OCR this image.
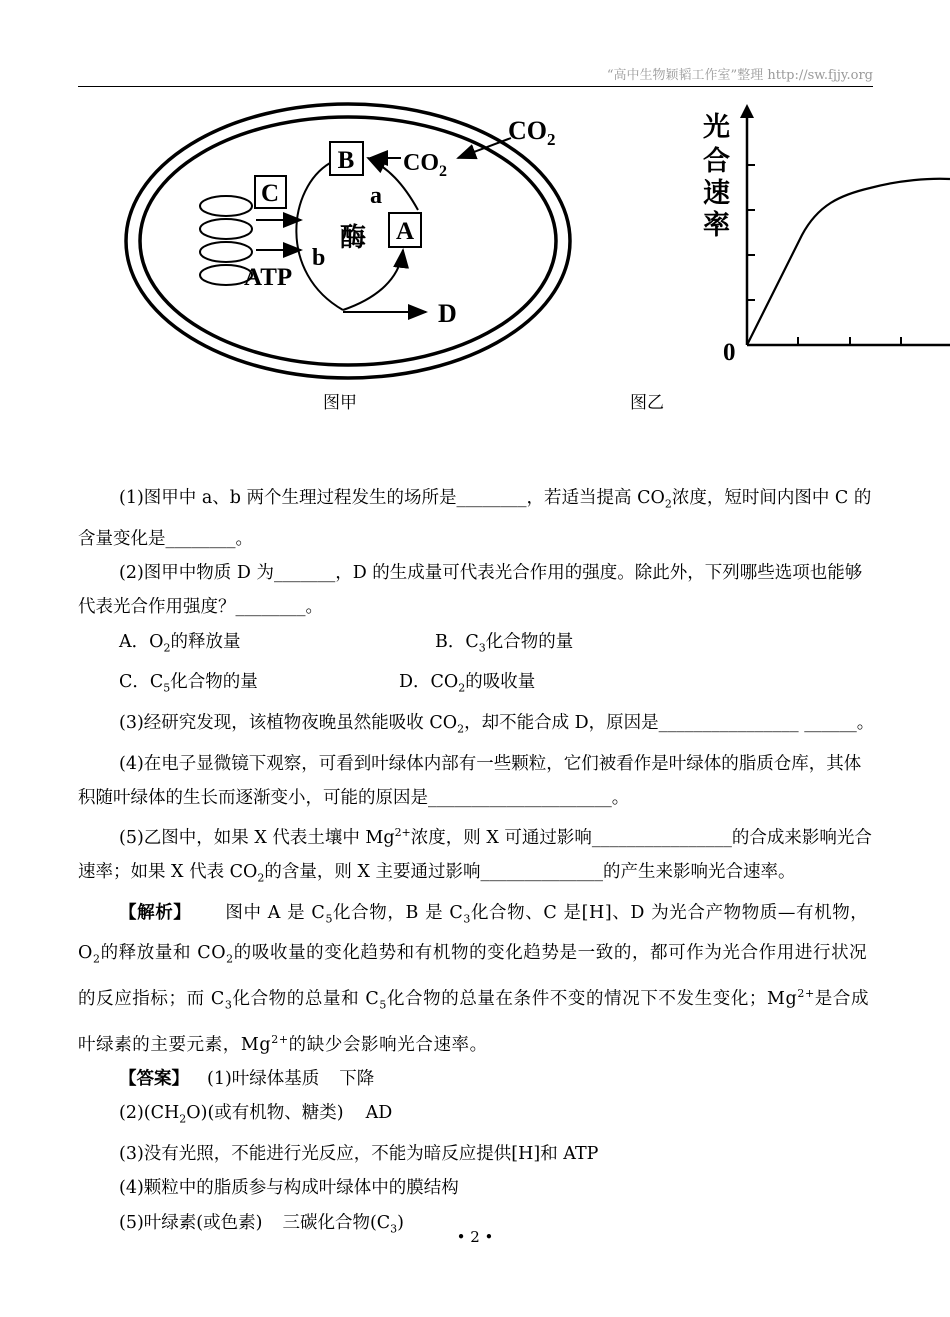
“高中生物颖韬工作室”整理 http://sw.fjjy.org
C
ATP
D
B
A
a
b
酶
$CO_2$
$CO_2$	光 合 速 率
0
图甲	图乙

(1)图甲中 a、b 两个生理过程发生的场所是________，若适当提高 $CO_2$浓度，短时间内图中 C 的含量变化是________。

(2)图甲中物质 D 为_______，D 的生成量可代表光合作用的强度。除此外，下列哪些选项也能够代表光合作用强度？________。

A．$O_2$的释放量	B．$C_3$化合物的量

C．$C_5$化合物的量	D．$CO_2$的吸收量

(3)经研究发现，该植物夜晚虽然能吸收 $CO_2$，却不能合成 D，原因是________________ ______。

(4)在电子显微镜下观察，可看到叶绿体内部有一些颗粒，它们被看作是叶绿体的脂质仓库，其体积随叶绿体的生长而逐渐变小，可能的原因是_____________________。

(5)乙图中，如果 X 代表土壤中 $Mg^{2+}$浓度，则 X 可通过影响________________的合成来影响光合速率；如果 X 代表 $CO_2$的含量，则 X 主要通过影响______________的产生来影响光合速率。

【解析】 图中 A 是 $C_5$化合物，B 是 $C_3$化合物、C 是[H]、D 为光合产物物质—有机物，$O_2$的释放量和 $CO_2$的吸收量的变化趋势和有机物的变化趋势是一致的，都可作为光合作用进行状况的反应指标；而 $C_3$化合物的总量和 $C_5$化合物的总量在条件不变的情况下不发生变化；$Mg^{2+}$是合成叶绿素的主要元素，$Mg^{2+}$的缺少会影响光合速率。

【答案】 (1)叶绿体基质 下降

$(2)(CH_2O)$(或有机物、糖类) AD

(3)没有光照，不能进行光反应，不能为暗反应提供[H]和 ATP

(4)颗粒中的脂质参与构成叶绿体中的膜结构

(5)叶绿素(或色素) 三碳化合物$(C_3)$

• 2 •
